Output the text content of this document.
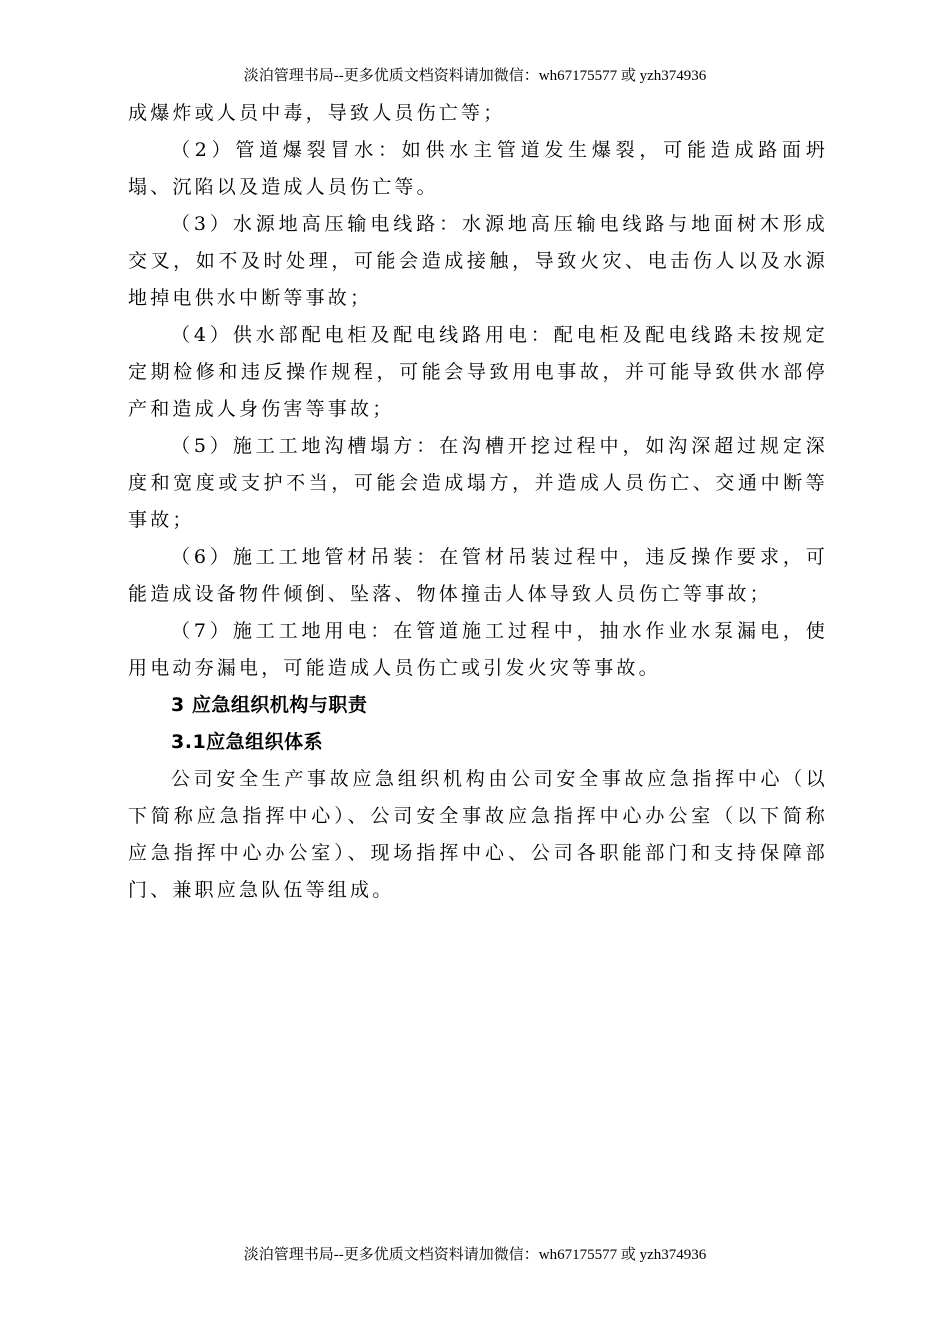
淡泊管理书局--更多优质文档资料请加微信：wh67175577 或 yzh374936

成爆炸或人员中毒，导致人员伤亡等；

（2）管道爆裂冒水：如供水主管道发生爆裂，可能造成路面坍塌、沉陷以及造成人员伤亡等。

（3）水源地高压输电线路：水源地高压输电线路与地面树木形成交叉，如不及时处理，可能会造成接触，导致火灾、电击伤人以及水源地掉电供水中断等事故；

（4）供水部配电柜及配电线路用电：配电柜及配电线路未按规定定期检修和违反操作规程，可能会导致用电事故，并可能导致供水部停产和造成人身伤害等事故；

（5）施工工地沟槽塌方：在沟槽开挖过程中，如沟深超过规定深度和宽度或支护不当，可能会造成塌方，并造成人员伤亡、交通中断等事故；

（6）施工工地管材吊装：在管材吊装过程中，违反操作要求，可能造成设备物件倾倒、坠落、物体撞击人体导致人员伤亡等事故；

（7）施工工地用电：在管道施工过程中，抽水作业水泵漏电，使用电动夯漏电，可能造成人员伤亡或引发火灾等事故。

3 应急组织机构与职责

3.1应急组织体系

公司安全生产事故应急组织机构由公司安全事故应急指挥中心（以下简称应急指挥中心）、公司安全事故应急指挥中心办公室（以下简称应急指挥中心办公室）、现场指挥中心、公司各职能部门和支持保障部门、兼职应急队伍等组成。

淡泊管理书局--更多优质文档资料请加微信：wh67175577 或 yzh374936
